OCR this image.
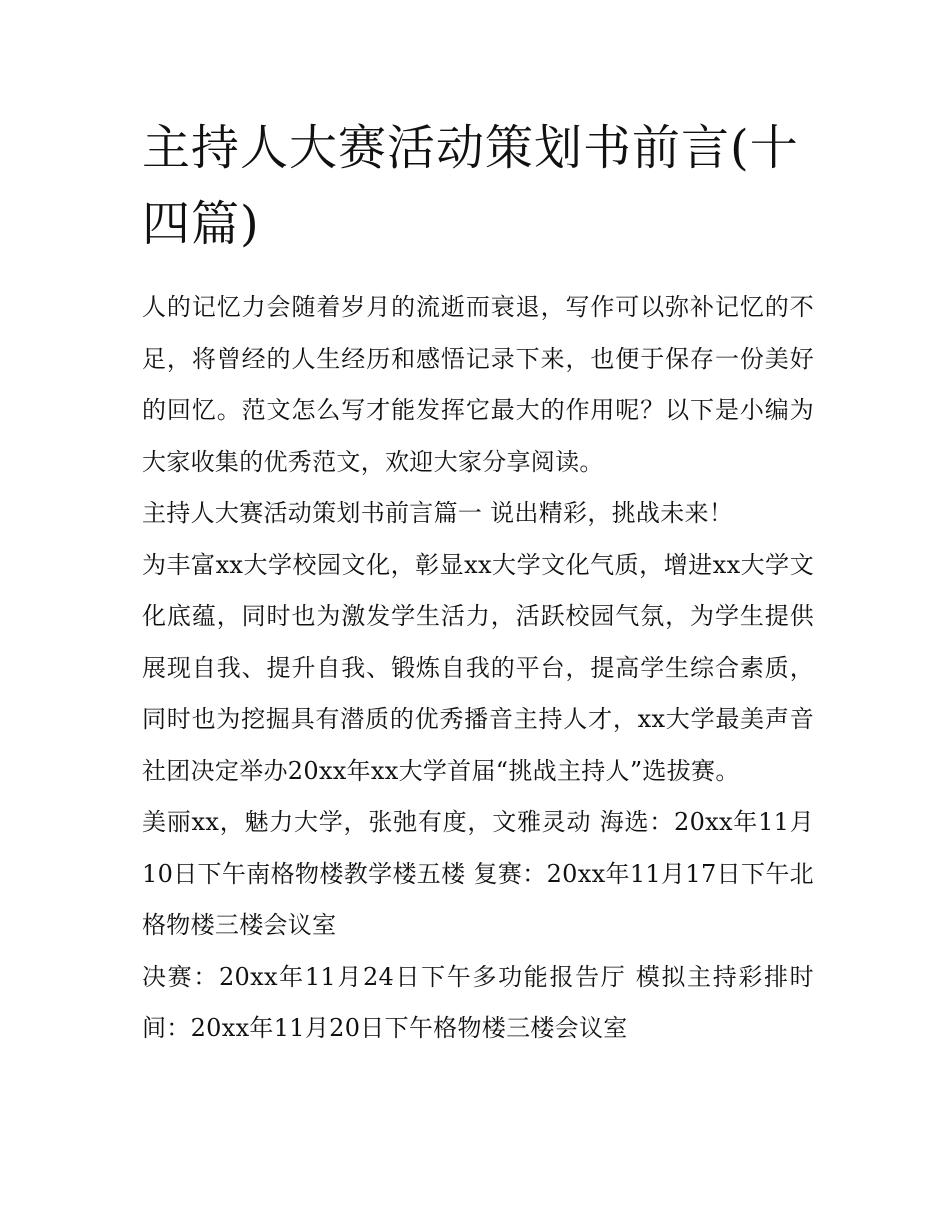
主持人大赛活动策划书前言(十四篇)

人的记忆力会随着岁月的流逝而衰退，写作可以弥补记忆的不足，将曾经的人生经历和感悟记录下来，也便于保存一份美好的回忆。范文怎么写才能发挥它最大的作用呢？以下是小编为大家收集的优秀范文，欢迎大家分享阅读。

主持人大赛活动策划书前言篇一 说出精彩，挑战未来！

为丰富xx大学校园文化，彰显xx大学文化气质，增进xx大学文化底蕴，同时也为激发学生活力，活跃校园气氛，为学生提供展现自我、提升自我、锻炼自我的平台，提高学生综合素质，同时也为挖掘具有潜质的优秀播音主持人才，xx大学最美声音社团决定举办20xx年xx大学首届“挑战主持人”选拔赛。

美丽xx，魅力大学，张弛有度，文雅灵动 海选：20xx年11月10日下午南格物楼教学楼五楼 复赛：20xx年11月17日下午北格物楼三楼会议室

决赛：20xx年11月24日下午多功能报告厅 模拟主持彩排时间：20xx年11月20日下午格物楼三楼会议室
